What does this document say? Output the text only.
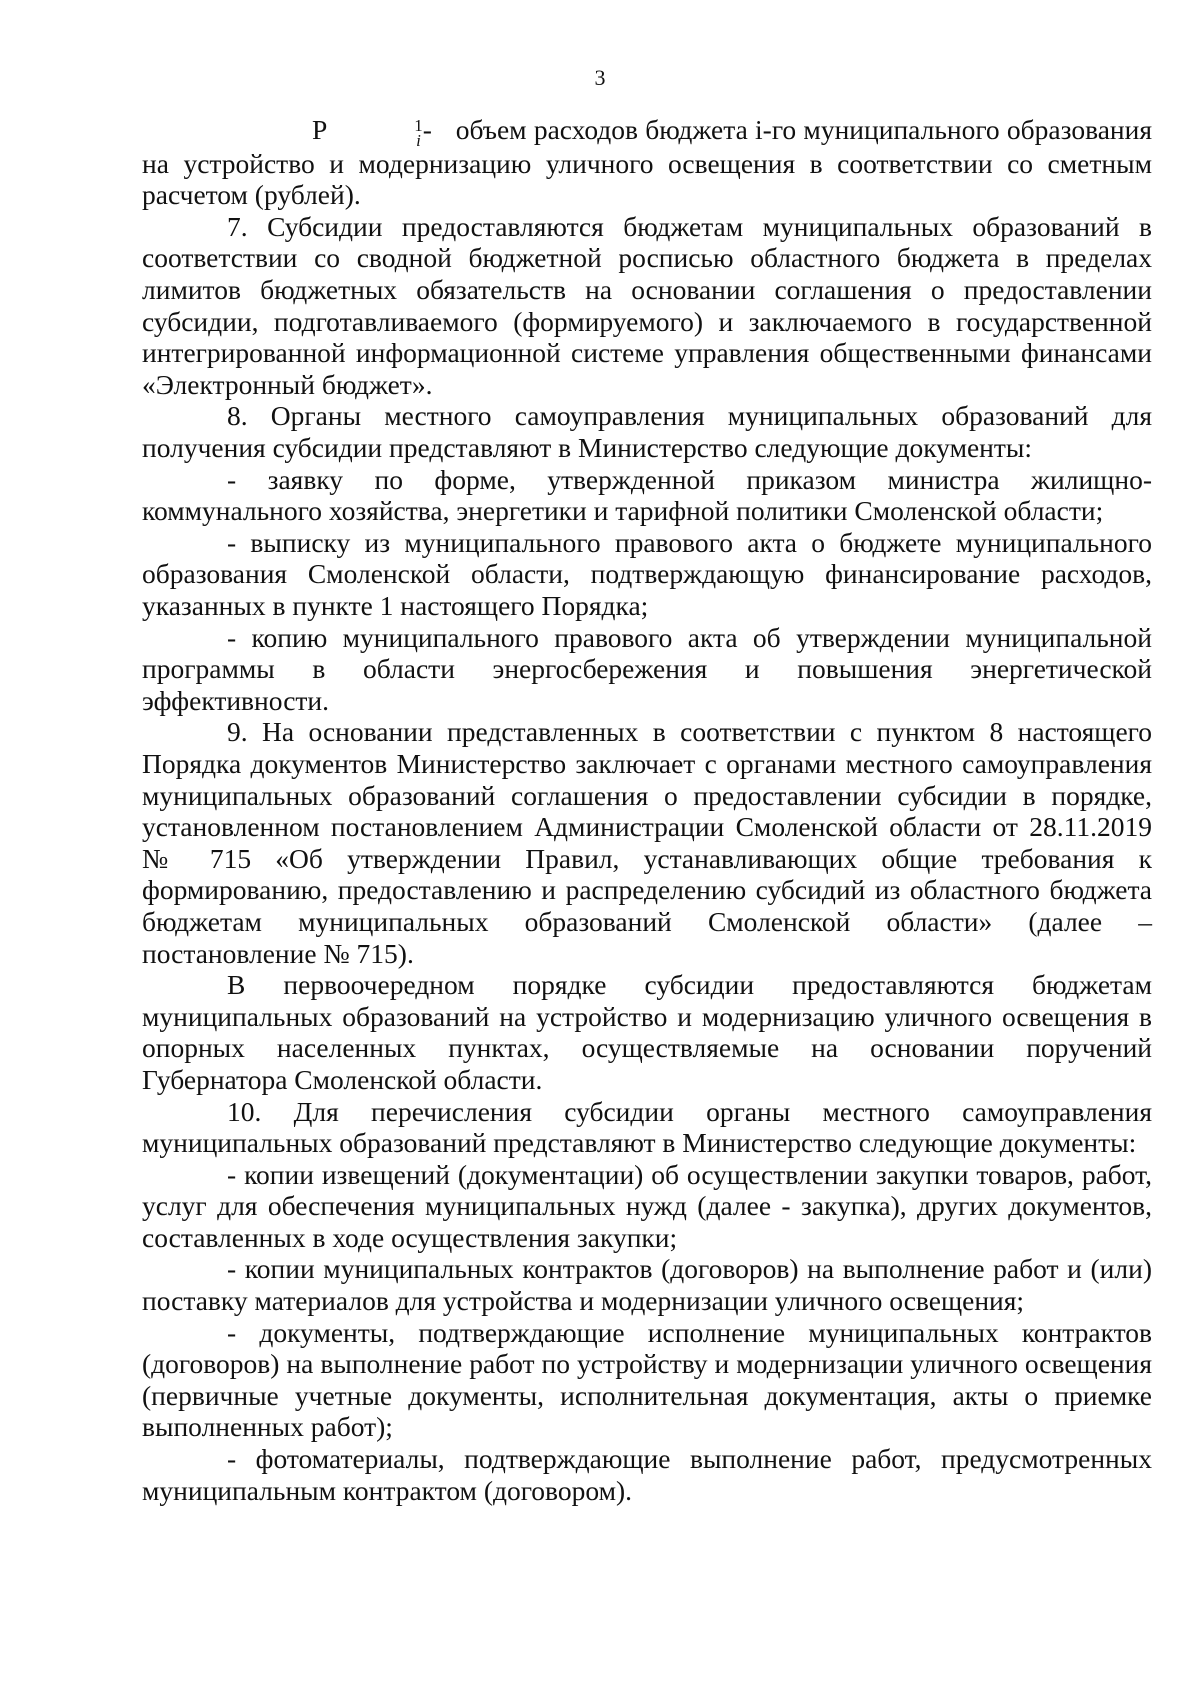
3

P	1
i - объем расходов бюджета i-го муниципального образования на устройство и модернизацию уличного освещения в соответствии со сметным расчетом (рублей).

7. Субсидии предоставляются бюджетам муниципальных образований в соответствии со сводной бюджетной росписью областного бюджета в пределах лимитов бюджетных обязательств на основании соглашения о предоставлении субсидии, подготавливаемого (формируемого) и заключаемого в государственной интегрированной информационной системе управления общественными финансами «Электронный бюджет».

8. Органы местного самоуправления муниципальных образований для получения субсидии представляют в Министерство следующие документы:

- заявку по форме, утвержденной приказом министра жилищно-коммунального хозяйства, энергетики и тарифной политики Смоленской области;

- выписку из муниципального правового акта о бюджете муниципального образования Смоленской области, подтверждающую финансирование расходов, указанных в пункте 1 настоящего Порядка;

- копию муниципального правового акта об утверждении муниципальной программы в области энергосбережения и повышения энергетической эффективности.

9. На основании представленных в соответствии с пунктом 8 настоящего Порядка документов Министерство заключает с органами местного самоуправления муниципальных образований соглашения о предоставлении субсидии в порядке, установленном постановлением Администрации Смоленской области от 28.11.2019 № 715 «Об утверждении Правил, устанавливающих общие требования к формированию, предоставлению и распределению субсидий из областного бюджета бюджетам муниципальных образований Смоленской области» (далее – постановление № 715).

В первоочередном порядке субсидии предоставляются бюджетам муниципальных образований на устройство и модернизацию уличного освещения в опорных населенных пунктах, осуществляемые на основании поручений Губернатора Смоленской области.

10. Для перечисления субсидии органы местного самоуправления муниципальных образований представляют в Министерство следующие документы:

- копии извещений (документации) об осуществлении закупки товаров, работ, услуг для обеспечения муниципальных нужд (далее - закупка), других документов, составленных в ходе осуществления закупки;

- копии муниципальных контрактов (договоров) на выполнение работ и (или) поставку материалов для устройства и модернизации уличного освещения;

- документы, подтверждающие исполнение муниципальных контрактов (договоров) на выполнение работ по устройству и модернизации уличного освещения (первичные учетные документы, исполнительная документация, акты о приемке выполненных работ);

- фотоматериалы, подтверждающие выполнение работ, предусмотренных муниципальным контрактом (договором).
